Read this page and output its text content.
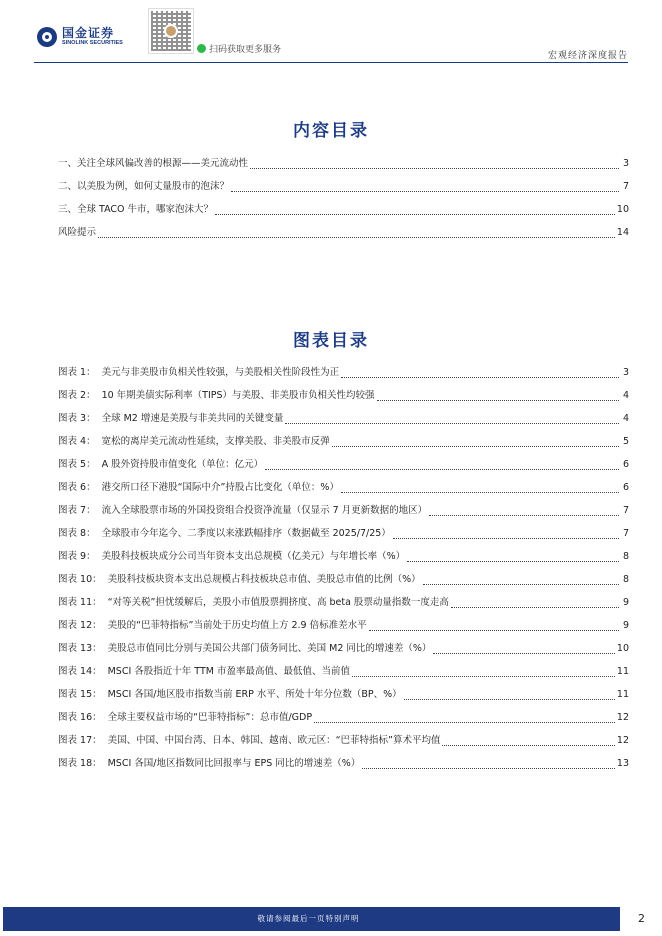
国金证券
SINOLINK SECURITIES
扫码获取更多服务
宏观经济深度报告
内容目录
一、关注全球风偏改善的根源——美元流动性	3
二、以美股为例，如何丈量股市的泡沫？	7
三、全球 TACO 牛市，哪家泡沫大？	10
风险提示	14
图表目录
图表 1： 美元与非美股市负相关性较强，与美股相关性阶段性为正	3
图表 2： 10 年期美债实际利率（TIPS）与美股、非美股市负相关性均较强	4
图表 3： 全球 M2 增速是美股与非美共同的关键变量	4
图表 4： 宽松的离岸美元流动性延续，支撑美股、非美股市反弹	5
图表 5： A 股外资持股市值变化（单位：亿元）	6
图表 6： 港交所口径下港股“国际中介”持股占比变化（单位：%）	6
图表 7： 流入全球股票市场的外国投资组合投资净流量（仅显示 7 月更新数据的地区）	7
图表 8： 全球股市今年迄今、二季度以来涨跌幅排序（数据截至 2025/7/25）	7
图表 9： 美股科技板块成分公司当年资本支出总规模（亿美元）与年增长率（%）	8
图表 10： 美股科技板块资本支出总规模占科技板块总市值、美股总市值的比例（%）	8
图表 11： “对等关税”担忧缓解后，美股小市值股票拥挤度、高 beta 股票动量指数一度走高	9
图表 12： 美股的“巴菲特指标”当前处于历史均值上方 2.9 倍标准差水平	9
图表 13： 美股总市值同比分别与美国公共部门债务同比、美国 M2 同比的增速差（%）	10
图表 14： MSCI 各股指近十年 TTM 市盈率最高值、最低值、当前值	11
图表 15： MSCI 各国/地区股市指数当前 ERP 水平、所处十年分位数（BP、%）	11
图表 16： 全球主要权益市场的“巴菲特指标”：总市值/GDP	12
图表 17： 美国、中国、中国台湾、日本、韩国、越南、欧元区：“巴菲特指标”算术平均值	12
图表 18： MSCI 各国/地区指数同比回报率与 EPS 同比的增速差（%）	13
敬请参阅最后一页特别声明	2
